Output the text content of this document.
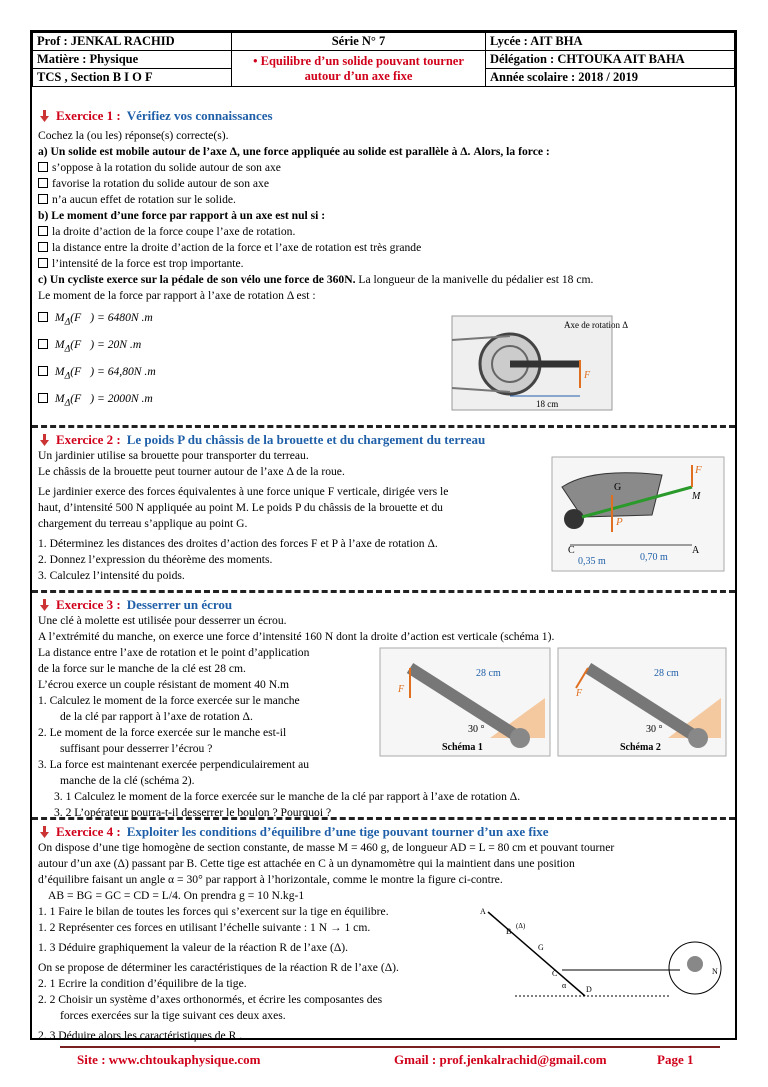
Prof : JENKAL RACHID	Série N° 7	Lycée : AIT BHA
Matière : Physique	• Equilibre d’un solide pouvant tourner autour d’un axe fixe	Délégation : CHTOUKA AIT BAHA
TCS , Section B I O F		Année scolaire : 2018 / 2019
Exercice 1 : Vérifiez vos connaissances
Cochez la (ou les) réponse(s) correcte(s).
a) Un solide est mobile autour de l’axe Δ, une force appliquée au solide est parallèle à Δ. Alors, la force :
s’oppose à la rotation du solide autour de son axe
favorise la rotation du solide autour de son axe
n’a aucun effet de rotation sur le solide.
b) Le moment d’une force par rapport à un axe est nul si :
la droite d’action de la force coupe l’axe de rotation.
la distance entre la droite d’action de la force et l’axe de rotation est très grande
l’intensité de la force est trop importante.
c) Un cycliste exerce sur la pédale de son vélo une force de 360N. La longueur de la manivelle du pédalier est 18 cm.
Le moment de la force par rapport à l’axe de rotation Δ est :
$M_\Delta(F⃗) = 6480N$ .m
$M_\Delta(F⃗) = 20N$ .m
$M_\Delta(F⃗) = 64,80N$ .m
$M_\Delta(F⃗) = 2000N$ .m
F
Axe de rotation Δ
18 cm
Exercice 2 : Le poids P du châssis de la brouette et du chargement du terreau
Un jardinier utilise sa brouette pour transporter du terreau.
Le châssis de la brouette peut tourner autour de l’axe Δ de la roue.
Le jardinier exerce des forces équivalentes à une force unique F verticale, dirigée vers le
haut, d’intensité 500 N appliquée au point M. Le poids P du châssis de la brouette et du
chargement du terreau s’applique au point G.
1. Déterminez les distances des droites d’action des forces F et P à l’axe de rotation Δ.
2. Donnez l’expression du théorème des moments.
3. Calculez l’intensité du poids.
F
M
G
P
C	A
0,35 m	0,70 m
Exercice 3 : Desserrer un écrou
Une clé à molette est utilisée pour desserrer un écrou.
A l’extrémité du manche, on exerce une force d’intensité 160 N dont la droite d’action est verticale (schéma 1).
La distance entre l’axe de rotation et le point d’application
de la force sur le manche de la clé est 28 cm.
L’écrou exerce un couple résistant de moment 40 N.m
1. Calculez le moment de la force exercée sur le manche
de la clé par rapport à l’axe de rotation Δ.
2. Le moment de la force exercée sur le manche est-il
suffisant pour desserrer l’écrou ?
3. La force est maintenant exercée perpendiculairement au
manche de la clé (schéma 2).
3. 1 Calculez le moment de la force exercée sur le manche de la clé par rapport à l’axe de rotation Δ.
3. 2 L’opérateur pourra-t-il desserrer le boulon ? Pourquoi ?
F
28 cm
30 °
Schéma 1
F
28 cm
30 °
Schéma 2
Exercice 4 : Exploiter les conditions d’équilibre d’une tige pouvant tourner d’un axe fixe
On dispose d’une tige homogène de section constante, de masse M = 460 g, de longueur AD = L = 80 cm et pouvant tourner
autour d’un axe (Δ) passant par B. Cette tige est attachée en C à un dynamomètre qui la maintient dans une position
d’équilibre faisant un angle α = 30° par rapport à l’horizontale, comme le montre la figure ci-contre.
AB = BG = GC = CD = L/4. On prendra g = 10 N.kg-1
1. 1 Faire le bilan de toutes les forces qui s’exercent sur la tige en équilibre.
1. 2 Représenter ces forces en utilisant l’échelle suivante : 1 N → 1 cm.
1. 3 Déduire graphiquement la valeur de la réaction R de l’axe (Δ).
On se propose de déterminer les caractéristiques de la réaction R de l’axe (Δ).
2. 1 Ecrire la condition d’équilibre de la tige.
2. 2 Choisir un système d’axes orthonormés, et écrire les composantes des
forces exercées sur la tige suivant ces deux axes.
2. 3 Déduire alors les caractéristiques de R .
A
B
(Δ)
G
C
D
α
N
Site : www.chtoukaphysique.com	Gmail : prof.jenkalrachid@gmail.com	Page 1
